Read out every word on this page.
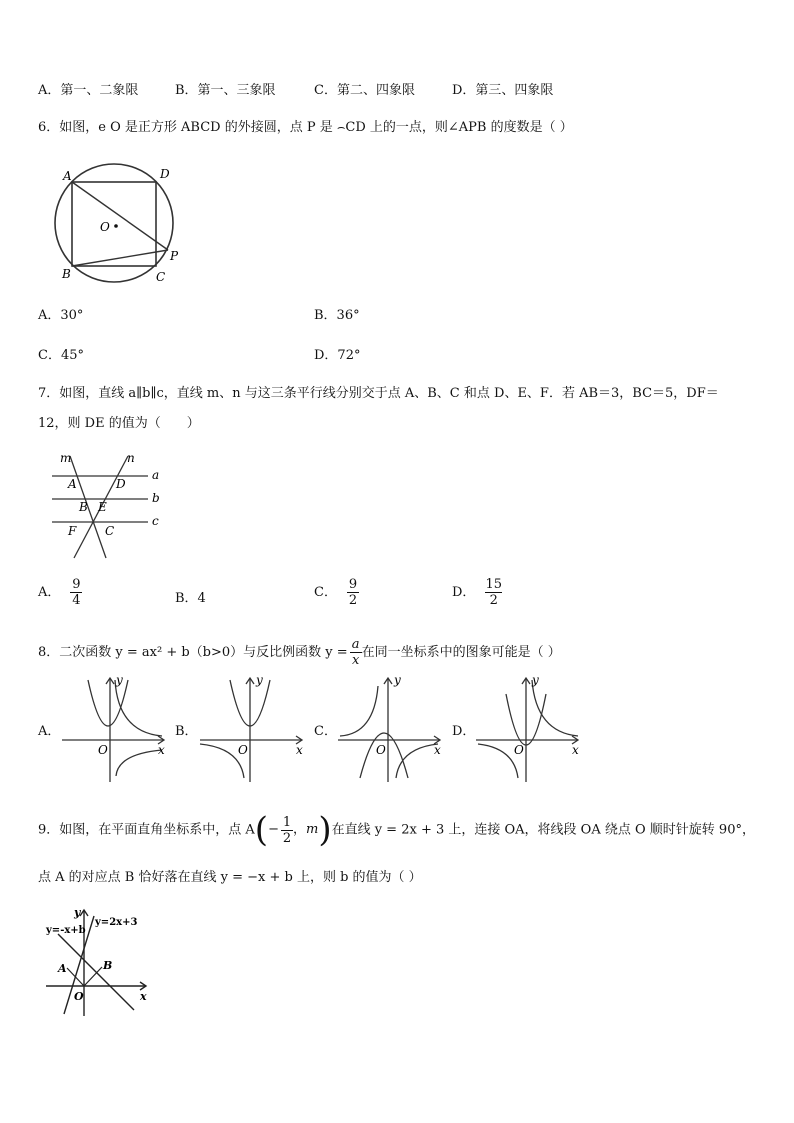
A．第一、二象限	B．第一、三象限	C．第二、四象限	D．第三、四象限
6．如图，e O 是正方形 ABCD 的外接圆，点 P 是 ⌢CD 上的一点，则∠APB 的度数是（ ）
A	D
O
B	C
P
A．30°	B．36°
C．45°	D．72°
7．如图，直线 a∥b∥c，直线 m、n 与这三条平行线分别交于点 A、B、C 和点 D、E、F．若 AB＝3，BC＝5，DF＝
12，则 DE 的值为（　　）
m	n
a
b
c
A	D
B E
F C
A． $\frac{9}{4}$	B．4	C． $\frac{9}{2}$	D． $\frac{15}{2}$
8．二次函数 y = ax² + b（b>0）与反比例函数 $y = \frac{a}{x}$ 在同一坐标系中的图象可能是（ ）
A．
y
x
O
B．
y
x
O
C．
y
x
O
D．
y
x
O
9．如图，在平面直角坐标系中，点 A ( − $\frac{1}{2}$ ， m ) 在直线 y = 2x + 3 上，连接 OA，将线段 OA 绕点 O 顺时针旋转 90°，
点 A 的对应点 B 恰好落在直线 y = −x + b 上，则 b 的值为（ ）
y=-x+b
y=2x+3
y
x
O
A	B
